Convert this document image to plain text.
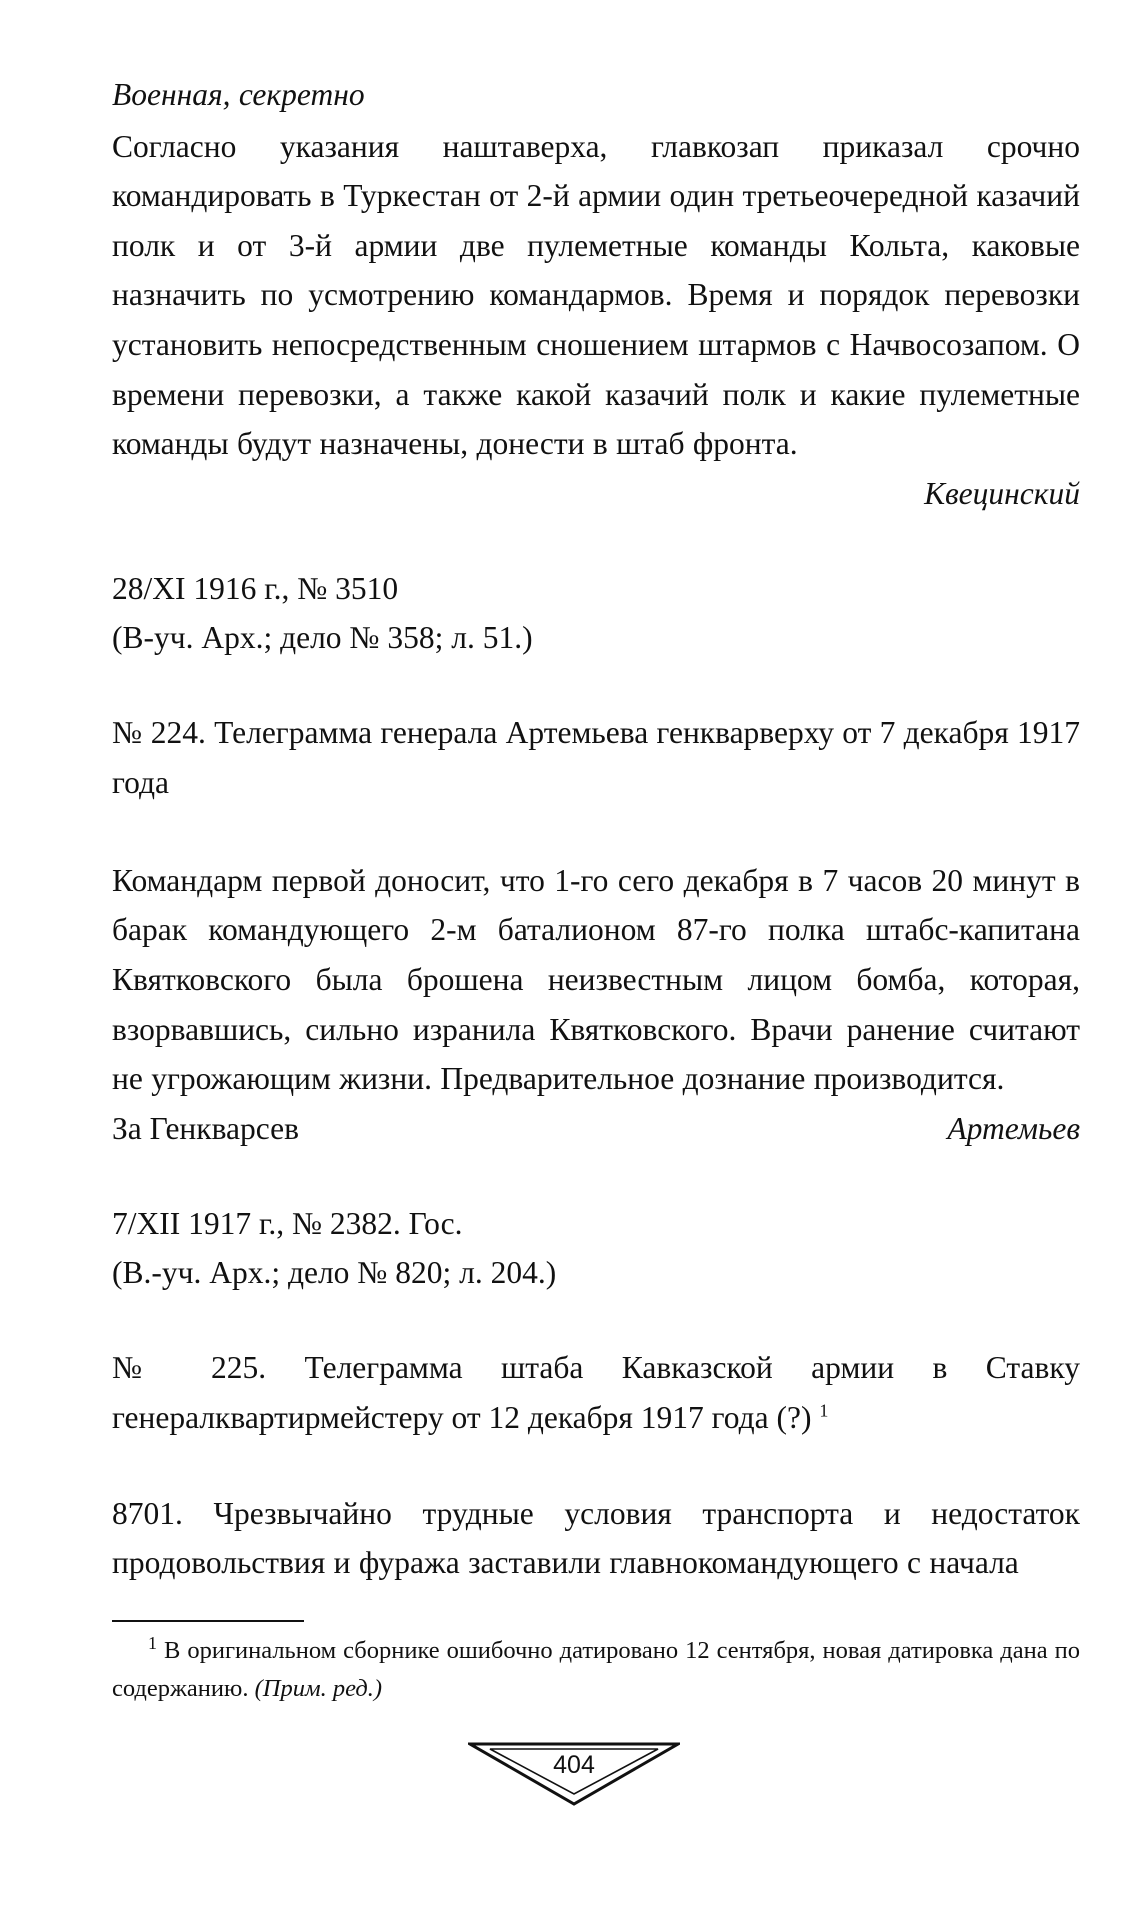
Военная, секретно

Согласно указания наштаверха, главкозап приказал срочно командировать в Туркестан от 2-й армии один третьеочередной казачий полк и от 3-й армии две пулеметные команды Кольта, каковые назначить по усмотрению командармов. Время и порядок перевозки установить непосредственным сношением штармов с Начвосозапом. О времени перевозки, а также какой казачий полк и какие пулеметные команды будут назначены, донести в штаб фронта.

Квецинский

28/XI 1916 г., № 3510

(В-уч. Арх.; дело № 358; л. 51.)

№ 224. Телеграмма генерала Артемьева генкварверху от 7 декабря 1917 года

Командарм первой доносит, что 1-го сего декабря в 7 часов 20 минут в барак командующего 2-м баталионом 87-го полка штабс-капитана Квятковского была брошена неизвестным лицом бомба, которая, взорвавшись, сильно изранила Квятковского. Врачи ранение считают не угрожающим жизни. Предварительное дознание производится.

За Генкварсев	Артемьев

7/XII 1917 г., № 2382. Гос.

(В.-уч. Арх.; дело № 820; л. 204.)

№ 225. Телеграмма штаба Кавказской армии в Ставку генералквартирмейстеру от 12 декабря 1917 года (?) $^1$

8701. Чрезвычайно трудные условия транспорта и недостаток продовольствия и фуража заставили главнокомандующего с начала

$^1$ В оригинальном сборнике ошибочно датировано 12 сентября, новая датировка дана по содержанию. (Прим. ред.)

404
